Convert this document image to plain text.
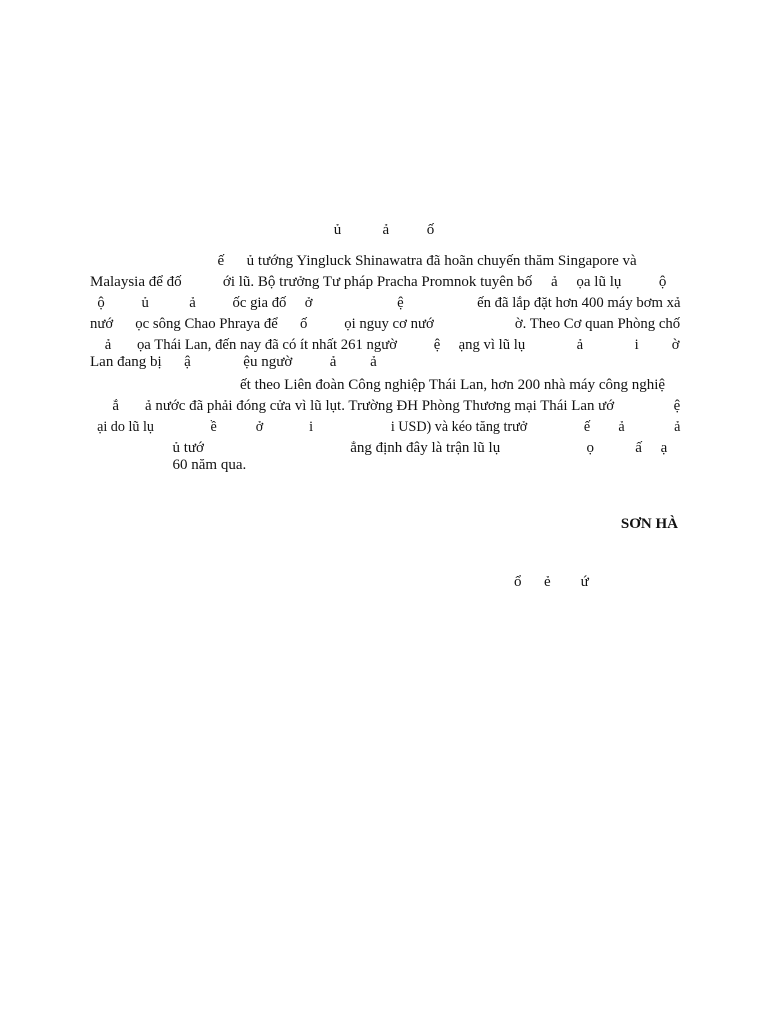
ủ           ả          ố
ế      ủ tướng Yingluck Shinawatra đã hoãn chuyến thăm Singapore và
Malaysia để đố           ới lũ. Bộ trưởng Tư pháp Pracha Promnok tuyên bố     ả     ọa lũ lụ          ộ
ộ          ủ           ả          ốc gia đố     ở                       ệ                    ến đã lắp đặt hơn 400 máy bơm xả
nướ      ọc sông Chao Phraya để      ố          ọi nguy cơ nướ                      ờ. Theo Cơ quan Phòng chố
ả       ọa Thái Lan, đến nay đã có ít nhất 261 ngườ          ệ     ạng vì lũ lụ              ả              i         ờ
Lan đang bị      ậ              ệu ngườ          ả         ả
ết theo Liên đoàn Công nghiệp Thái Lan, hơn 200 nhà máy công nghiệ
ắ       ả nước đã phải đóng cửa vì lũ lụt. Trường ĐH Phòng Thương mại Thái Lan ướ                ệ
ại do lũ lụ                ề           ở             i                      i USD) và kéo tăng trưở                ế        ả              ả
ủ tướ                                       ẳng định đây là trận lũ lụ                       ọ           ấ     ạ
60 năm qua.
SƠN HÀ
ổ      ẻ        ứ
